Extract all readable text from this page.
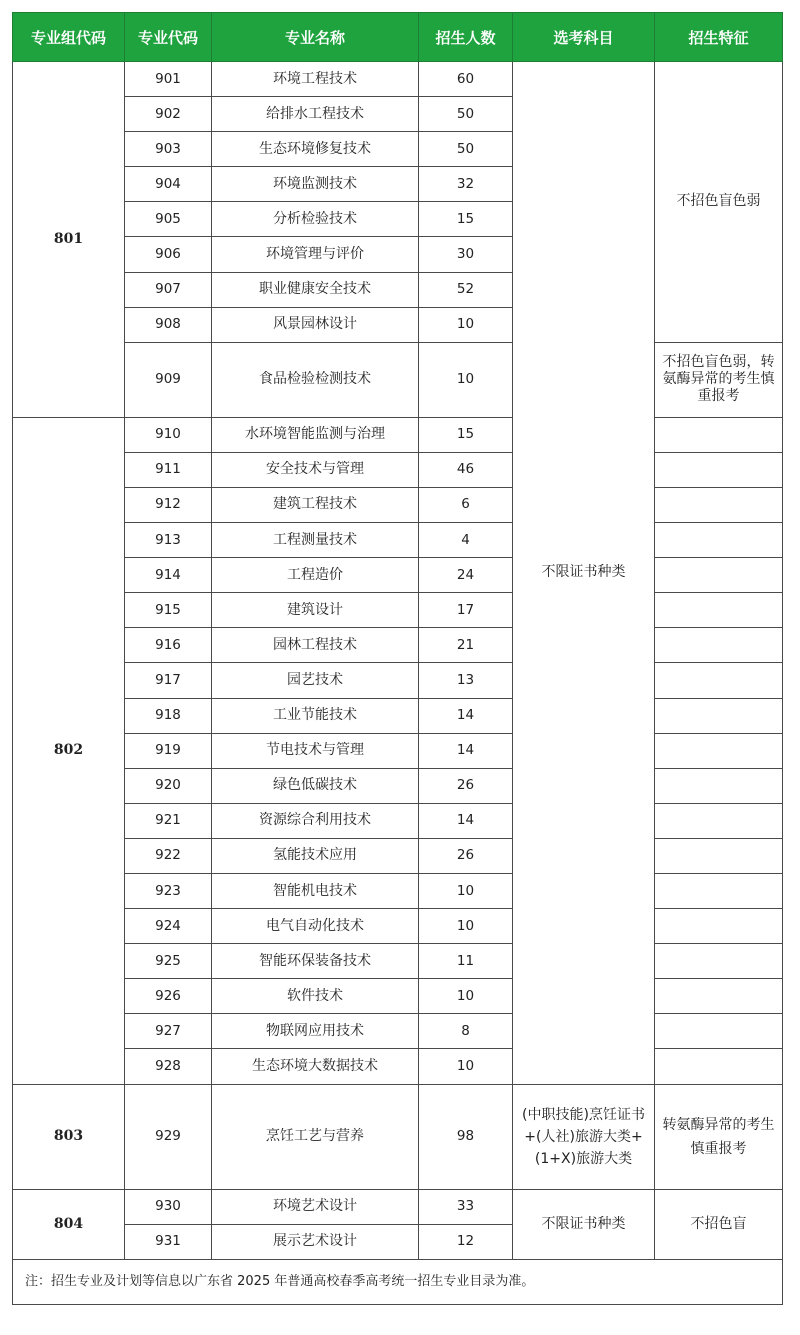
专业组代码	专业代码	专业名称	招生人数	选考科目	招生特征
801	901	环境工程技术	60	不限证书种类	不招色盲色弱
	902	给排水工程技术	50		
	903	生态环境修复技术	50		
	904	环境监测技术	32		
	905	分析检验技术	15		
	906	环境管理与评价	30		
	907	职业健康安全技术	52		
	908	风景园林设计	10		
	909	食品检验检测技术	10		不招色盲色弱，转氨酶异常的考生慎重报考
802	910	水环境智能监测与治理	15		
	911	安全技术与管理	46		
	912	建筑工程技术	6		
	913	工程测量技术	4		
	914	工程造价	24		
	915	建筑设计	17		
	916	园林工程技术	21		
	917	园艺技术	13		
	918	工业节能技术	14		
	919	节电技术与管理	14		
	920	绿色低碳技术	26		
	921	资源综合利用技术	14		
	922	氢能技术应用	26		
	923	智能机电技术	10		
	924	电气自动化技术	10		
	925	智能环保装备技术	11		
	926	软件技术	10		
	927	物联网应用技术	8		
	928	生态环境大数据技术	10		
803	929	烹饪工艺与营养	98	(中职技能)烹饪证书+(人社)旅游大类+(1+X)旅游大类	转氨酶异常的考生慎重报考
804	930	环境艺术设计	33	不限证书种类	不招色盲
	931	展示艺术设计	12		
注：招生专业及计划等信息以广东省 2025 年普通高校春季高考统一招生专业目录为准。					
